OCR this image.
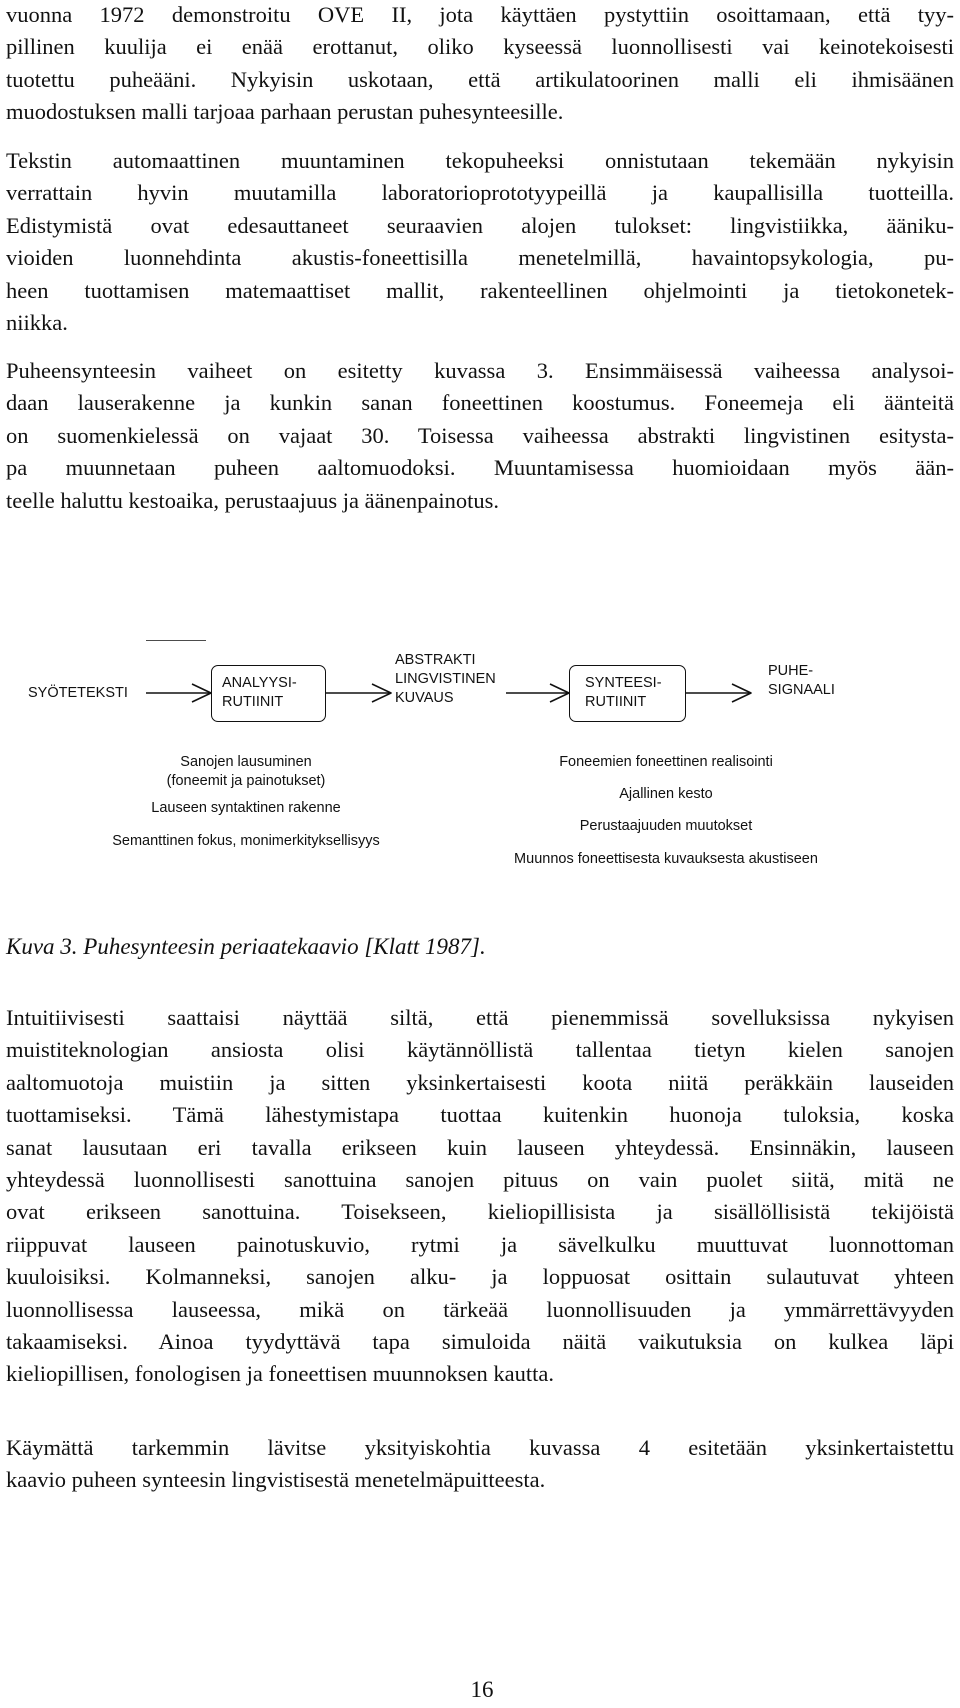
vuonna 1972 demonstroitu OVE II, jota käyttäen pystyttiin osoittamaan, että tyy-
pillinen kuulija ei enää erottanut, oliko kyseessä luonnollisesti vai keinotekoisesti
tuotettu puheääni. Nykyisin uskotaan, että artikulatoorinen malli eli ihmisäänen
muodostuksen malli tarjoaa parhaan perustan puhesynteesille.

Tekstin automaattinen muuntaminen tekopuheeksi onnistutaan tekemään nykyisin
verrattain hyvin muutamilla laboratorioprototyypeillä ja kaupallisilla tuotteilla.
Edistymistä ovat edesauttaneet seuraavien alojen tulokset: lingvistiikka, ääniku-
vioiden luonnehdinta akustis-foneettisilla menetelmillä, havaintopsykologia, pu-
heen tuottamisen matemaattiset mallit, rakenteellinen ohjelmointi ja tietokonetek-
niikka.

Puheensynteesin vaiheet on esitetty kuvassa 3. Ensimmäisessä vaiheessa analysoi-
daan lauserakenne ja kunkin sanan foneettinen koostumus. Foneemeja eli äänteitä
on suomenkielessä on vajaat 30. Toisessa vaiheessa abstrakti lingvistinen esitysta-
pa muunnetaan puheen aaltomuodoksi. Muuntamisessa huomioidaan myös ään-
teelle haluttu kestoaika, perustaajuus ja äänenpainotus.

SYÖTETEKSTI

ANALYYSI-

RUTIINIT

ABSTRAKTI

LINGVISTINEN

KUVAUS

SYNTEESI-

RUTIINIT

PUHE-

SIGNAALI

Sanojen lausuminen

(foneemit ja painotukset)

Lauseen syntaktinen rakenne

Semanttinen fokus, monimerkityksellisyys

Foneemien foneettinen realisointi

Ajallinen kesto

Perustaajuuden muutokset

Muunnos foneettisesta kuvauksesta akustiseen

Kuva 3. Puhesynteesin periaatekaavio [Klatt 1987].

Intuitiivisesti saattaisi näyttää siltä, että pienemmissä sovelluksissa nykyisen
muistiteknologian ansiosta olisi käytännöllistä tallentaa tietyn kielen sanojen
aaltomuotoja muistiin ja sitten yksinkertaisesti koota niitä peräkkäin lauseiden
tuottamiseksi. Tämä lähestymistapa tuottaa kuitenkin huonoja tuloksia, koska
sanat lausutaan eri tavalla erikseen kuin lauseen yhteydessä. Ensinnäkin, lauseen
yhteydessä luonnollisesti sanottuina sanojen pituus on vain puolet siitä, mitä ne
ovat erikseen sanottuina. Toisekseen, kieliopillisista ja sisällöllisistä tekijöistä
riippuvat lauseen painotuskuvio, rytmi ja sävelkulku muuttuvat luonnottoman
kuuloisiksi. Kolmanneksi, sanojen alku- ja loppuosat osittain sulautuvat yhteen
luonnollisessa lauseessa, mikä on tärkeää luonnollisuuden ja ymmärrettävyyden
takaamiseksi. Ainoa tyydyttävä tapa simuloida näitä vaikutuksia on kulkea läpi
kieliopillisen, fonologisen ja foneettisen muunnoksen kautta.

Käymättä tarkemmin lävitse yksityiskohtia kuvassa 4 esitetään yksinkertaistettu
kaavio puheen synteesin lingvistisestä menetelmäpuitteesta.

16
